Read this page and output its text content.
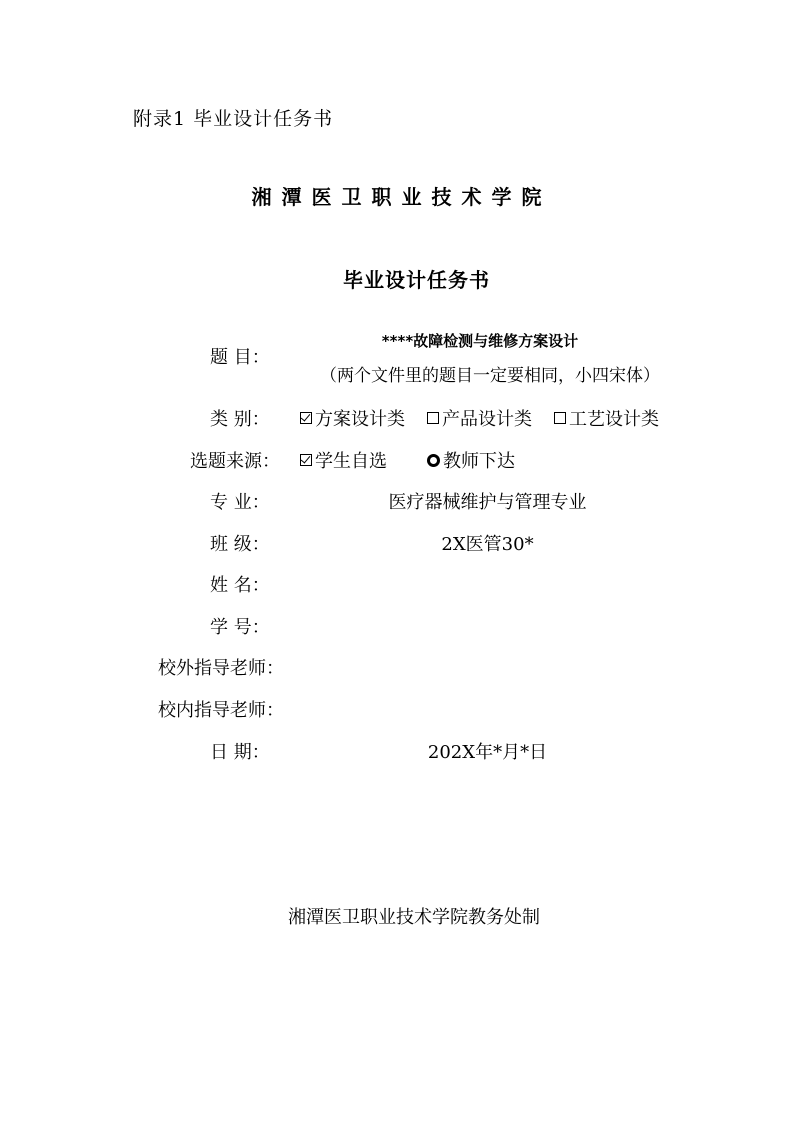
附录1 毕业设计任务书
湘潭医卫职业技术学院
毕业设计任务书
题 目：
****故障检测与维修方案设计
（两个文件里的题目一定要相同，小四宋体）
类 别：	方案设计类 产品设计类 工艺设计类
选题来源： 学生自选	教师下达
专 业：	医疗器械维护与管理专业
班 级：	2X医管30*
姓 名：
学 号：
校外指导老师：
校内指导老师：
日 期：	202X年*月*日
湘潭医卫职业技术学院教务处制
